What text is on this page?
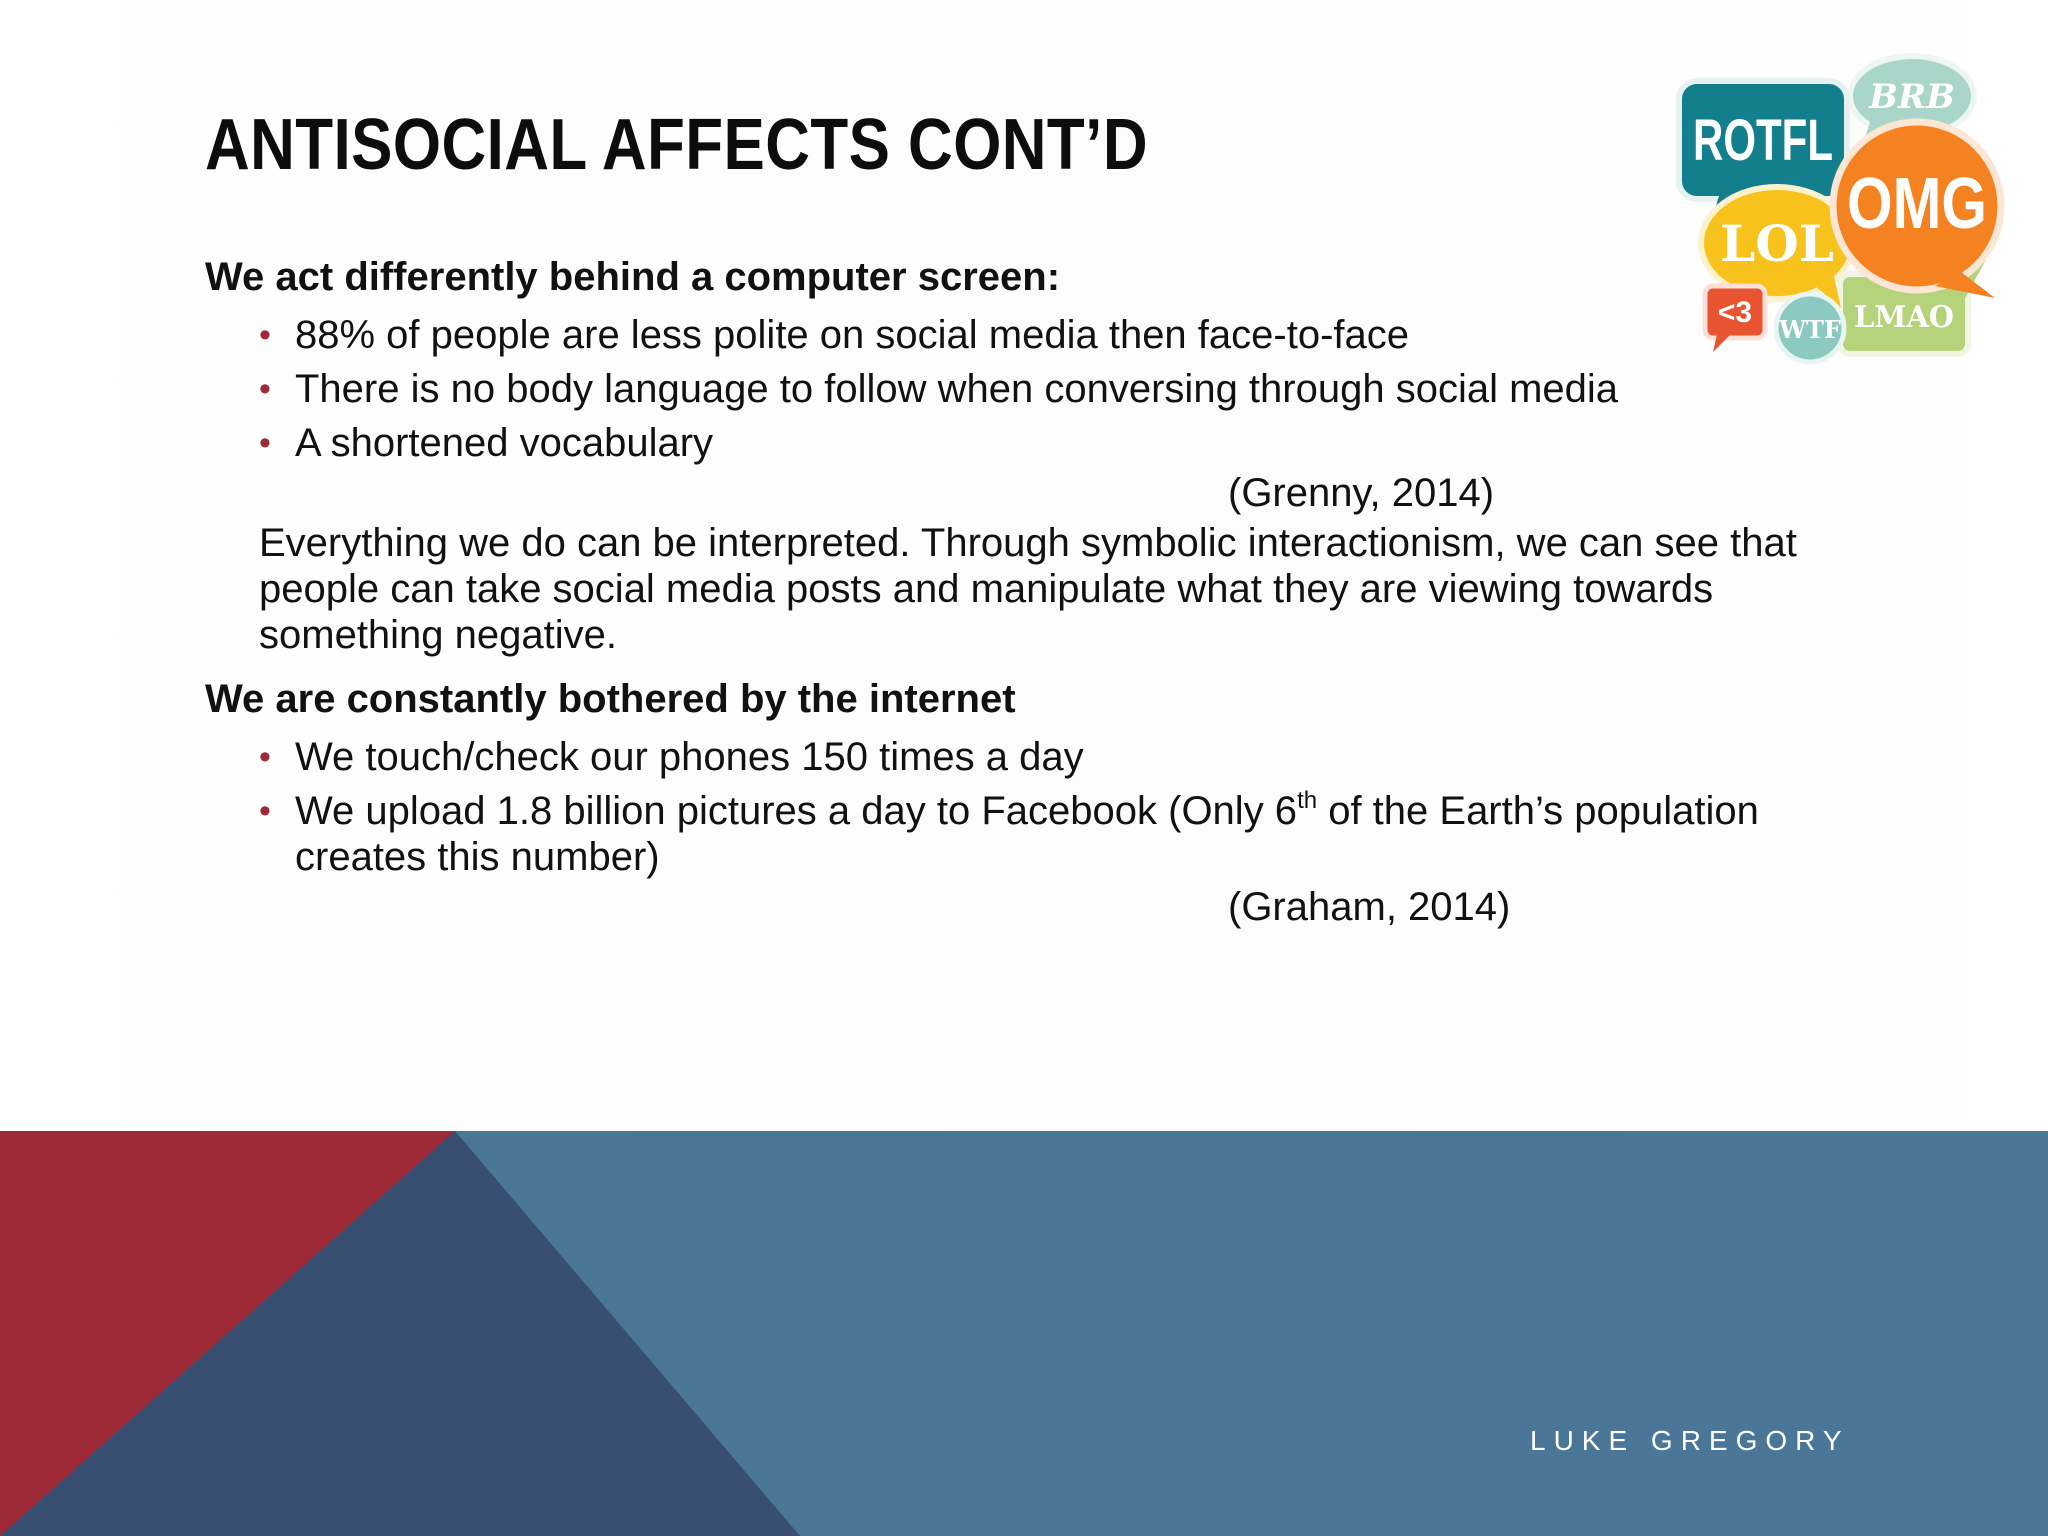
ANTISOCIAL AFFECTS CONT’D
BRB
ROTFL
LMAO
LOL OMG
<3
WTF
We act differently behind a computer screen:
• 88% of people are less polite on social media then face-to-face
• There is no body language to follow when conversing through social media
• A shortened vocabulary
(Grenny, 2014)
Everything we do can be interpreted. Through symbolic interactionism, we can see that people can take social media posts and manipulate what they are viewing towards something negative.
We are constantly bothered by the internet
• We touch/check our phones 150 times a day
• We upload 1.8 billion pictures a day to Facebook (Only 6th of the Earth’s population creates this number)
(Graham, 2014)
LUKE GREGORY
